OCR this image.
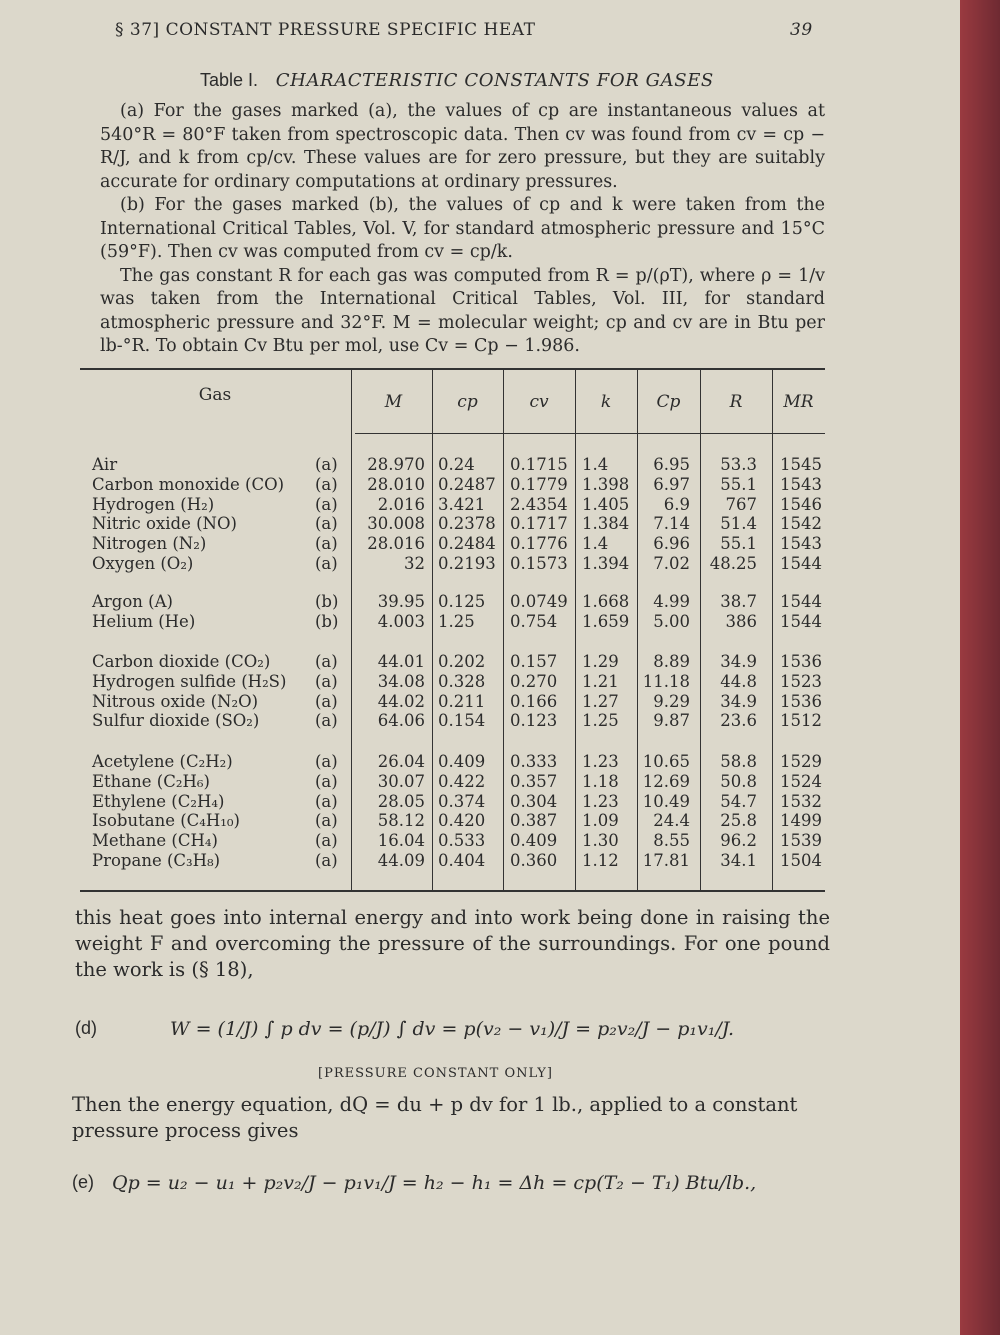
§ 37] CONSTANT PRESSURE SPECIFIC HEAT	39
Table I. CHARACTERISTIC CONSTANTS FOR GASES

(a) For the gases marked (a), the values of cp are instantaneous values at 540°R = 80°F taken from spectroscopic data. Then cv was found from cv = cp − R/J, and k from cp/cv. These values are for zero pressure, but they are suitably accurate for ordinary computations at ordinary pressures.

(b) For the gases marked (b), the values of cp and k were taken from the International Critical Tables, Vol. V, for standard atmospheric pressure and 15°C (59°F). Then cv was computed from cv = cp/k.

The gas constant R for each gas was computed from R = p/(ρT), where ρ = 1/v was taken from the International Critical Tables, Vol. III, for standard atmospheric pressure and 32°F. M = molecular weight; cp and cv are in Btu per lb-°R. To obtain Cv Btu per mol, use Cv = Cp − 1.986.

Gas	M	cp	cv	k	Cp	R	MR
Air	(a) 28.970 0.24 0.1715 1.4	6.95	53.3 1545
Carbon monoxide (CO) (a) 28.010 0.2487 0.1779 1.398	6.97	55.1 1543
Hydrogen (H₂)	(a)	2.016 3.421 2.4354 1.405	6.9	767 1546
Nitric oxide (NO)	(a) 30.008 0.2378 0.1717 1.384	7.14	51.4 1542
Nitrogen (N₂)	(a) 28.016 0.2484 0.1776 1.4	6.96	55.1 1543
Oxygen (O₂)	(a)	32 0.2193 0.1573 1.394	7.02 48.25 1544
Argon (A)	(b)	39.95 0.125 0.0749 1.668	4.99	38.7 1544
Helium (He)	(b)	4.003 1.25 0.754 1.659	5.00	386 1544
Carbon dioxide (CO₂)	(a)	44.01 0.202 0.157 1.29	8.89	34.9 1536
Hydrogen sulfide (H₂S) (a)	34.08 0.328 0.270 1.21 11.18	44.8 1523
Nitrous oxide (N₂O)	(a)	44.02 0.211 0.166 1.27	9.29	34.9 1536
Sulfur dioxide (SO₂)	(a)	64.06 0.154 0.123 1.25	9.87	23.6 1512
Acetylene (C₂H₂)	(a)	26.04 0.409 0.333 1.23 10.65	58.8 1529
Ethane (C₂H₆)	(a)	30.07 0.422 0.357 1.18 12.69	50.8 1524
Ethylene (C₂H₄)	(a)	28.05 0.374 0.304 1.23 10.49	54.7 1532
Isobutane (C₄H₁₀)	(a)	58.12 0.420 0.387 1.09	24.4	25.8 1499
Methane (CH₄)	(a)	16.04 0.533 0.409 1.30	8.55	96.2 1539
Propane (C₃H₈)	(a)	44.09 0.404 0.360 1.12 17.81	34.1 1504
this heat goes into internal energy and into work being done in raising the weight F and overcoming the pressure of the surroundings. For one pound the work is (§ 18),
(d)	W = (1/J) ∫ p dv = (p/J) ∫ dv = p(v₂ − v₁)/J = p₂v₂/J − p₁v₁/J.
[PRESSURE CONSTANT ONLY]
Then the energy equation, dQ = du + p dv for 1 lb., applied to a constant pressure process gives
(e) Qp = u₂ − u₁ + p₂v₂/J − p₁v₁/J = h₂ − h₁ = Δh = cp(T₂ − T₁) Btu/lb.,
